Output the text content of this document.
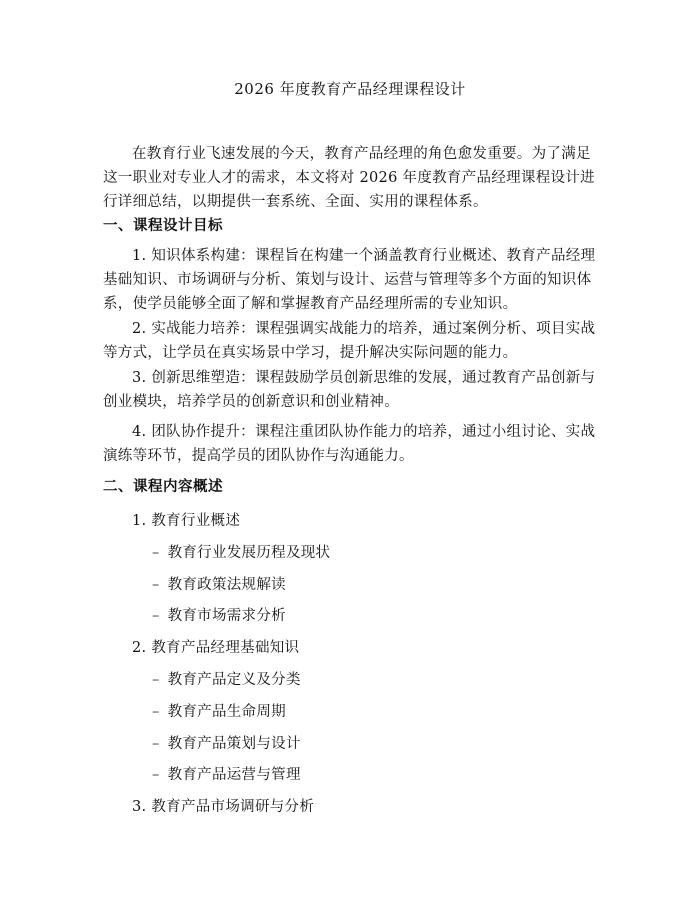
2026 年度教育产品经理课程设计
在教育行业飞速发展的今天，教育产品经理的角色愈发重要。为了满足这一职业对专业人才的需求，本文将对 2026 年度教育产品经理课程设计进行详细总结，以期提供一套系统、全面、实用的课程体系。
一、课程设计目标
1. 知识体系构建：课程旨在构建一个涵盖教育行业概述、教育产品经理基础知识、市场调研与分析、策划与设计、运营与管理等多个方面的知识体系，使学员能够全面了解和掌握教育产品经理所需的专业知识。
2. 实战能力培养：课程强调实战能力的培养，通过案例分析、项目实战等方式，让学员在真实场景中学习，提升解决实际问题的能力。
3. 创新思维塑造：课程鼓励学员创新思维的发展，通过教育产品创新与创业模块，培养学员的创新意识和创业精神。
4. 团队协作提升：课程注重团队协作能力的培养，通过小组讨论、实战演练等环节，提高学员的团队协作与沟通能力。
二、课程内容概述
1. 教育行业概述
– 教育行业发展历程及现状
– 教育政策法规解读
– 教育市场需求分析
2. 教育产品经理基础知识
– 教育产品定义及分类
– 教育产品生命周期
– 教育产品策划与设计
– 教育产品运营与管理
3. 教育产品市场调研与分析
